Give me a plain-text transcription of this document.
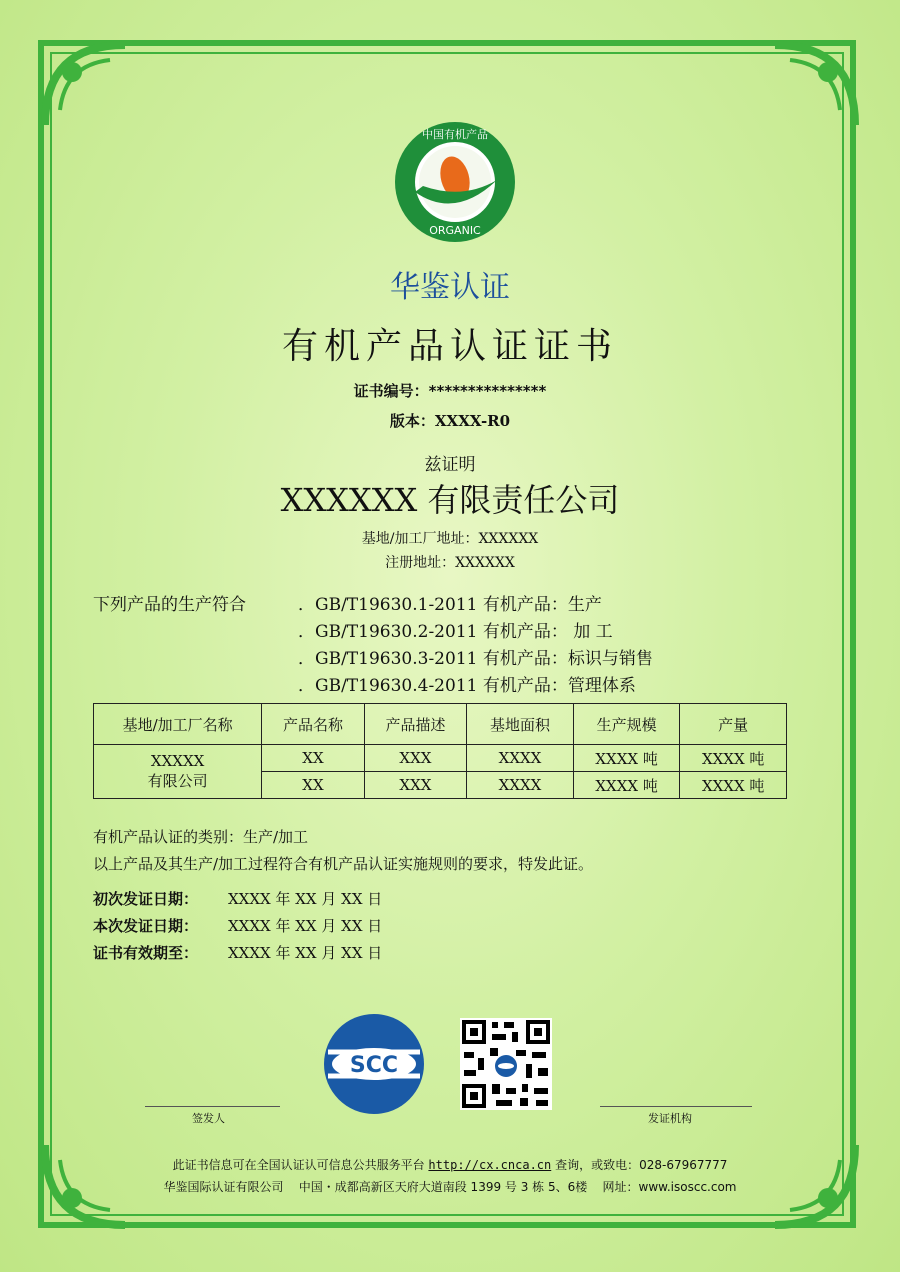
中国有机产品
ORGANIC
华鉴认证
有机产品认证证书
证书编号：***************
版本：XXXX-R0
兹证明
XXXXXX 有限责任公司
基地/加工厂地址：XXXXXX
注册地址：XXXXXX
下列产品的生产符合	．GB/T19630.1-2011 有机产品：生产
．GB/T19630.2-2011 有机产品： 加 工
．GB/T19630.3-2011 有机产品：标识与销售
．GB/T19630.4-2011 有机产品：管理体系
基地/加工厂名称	产品名称	产品描述	基地面积	生产规模	产量

XXXXX
有限公司	XX	XXX	XXXX	XXXX 吨	XXXX 吨
	XX	XXX	XXXX	XXXX 吨	XXXX 吨
有机产品认证的类别：生产/加工
以上产品及其生产/加工过程符合有机产品认证实施规则的要求，特发此证。
初次发证日期： XXXX 年 XX 月 XX 日
本次发证日期： XXXX 年 XX 月 XX 日
证书有效期至： XXXX 年 XX 月 XX 日
SCC
签发人	发证机构
此证书信息可在全国认证认可信息公共服务平台 http://cx.cnca.cn 查询，或致电：028-67967777
华鉴国际认证有限公司    中国・成都高新区天府大道南段 1399 号 3 栋 5、6楼    网址：www.isoscc.com
